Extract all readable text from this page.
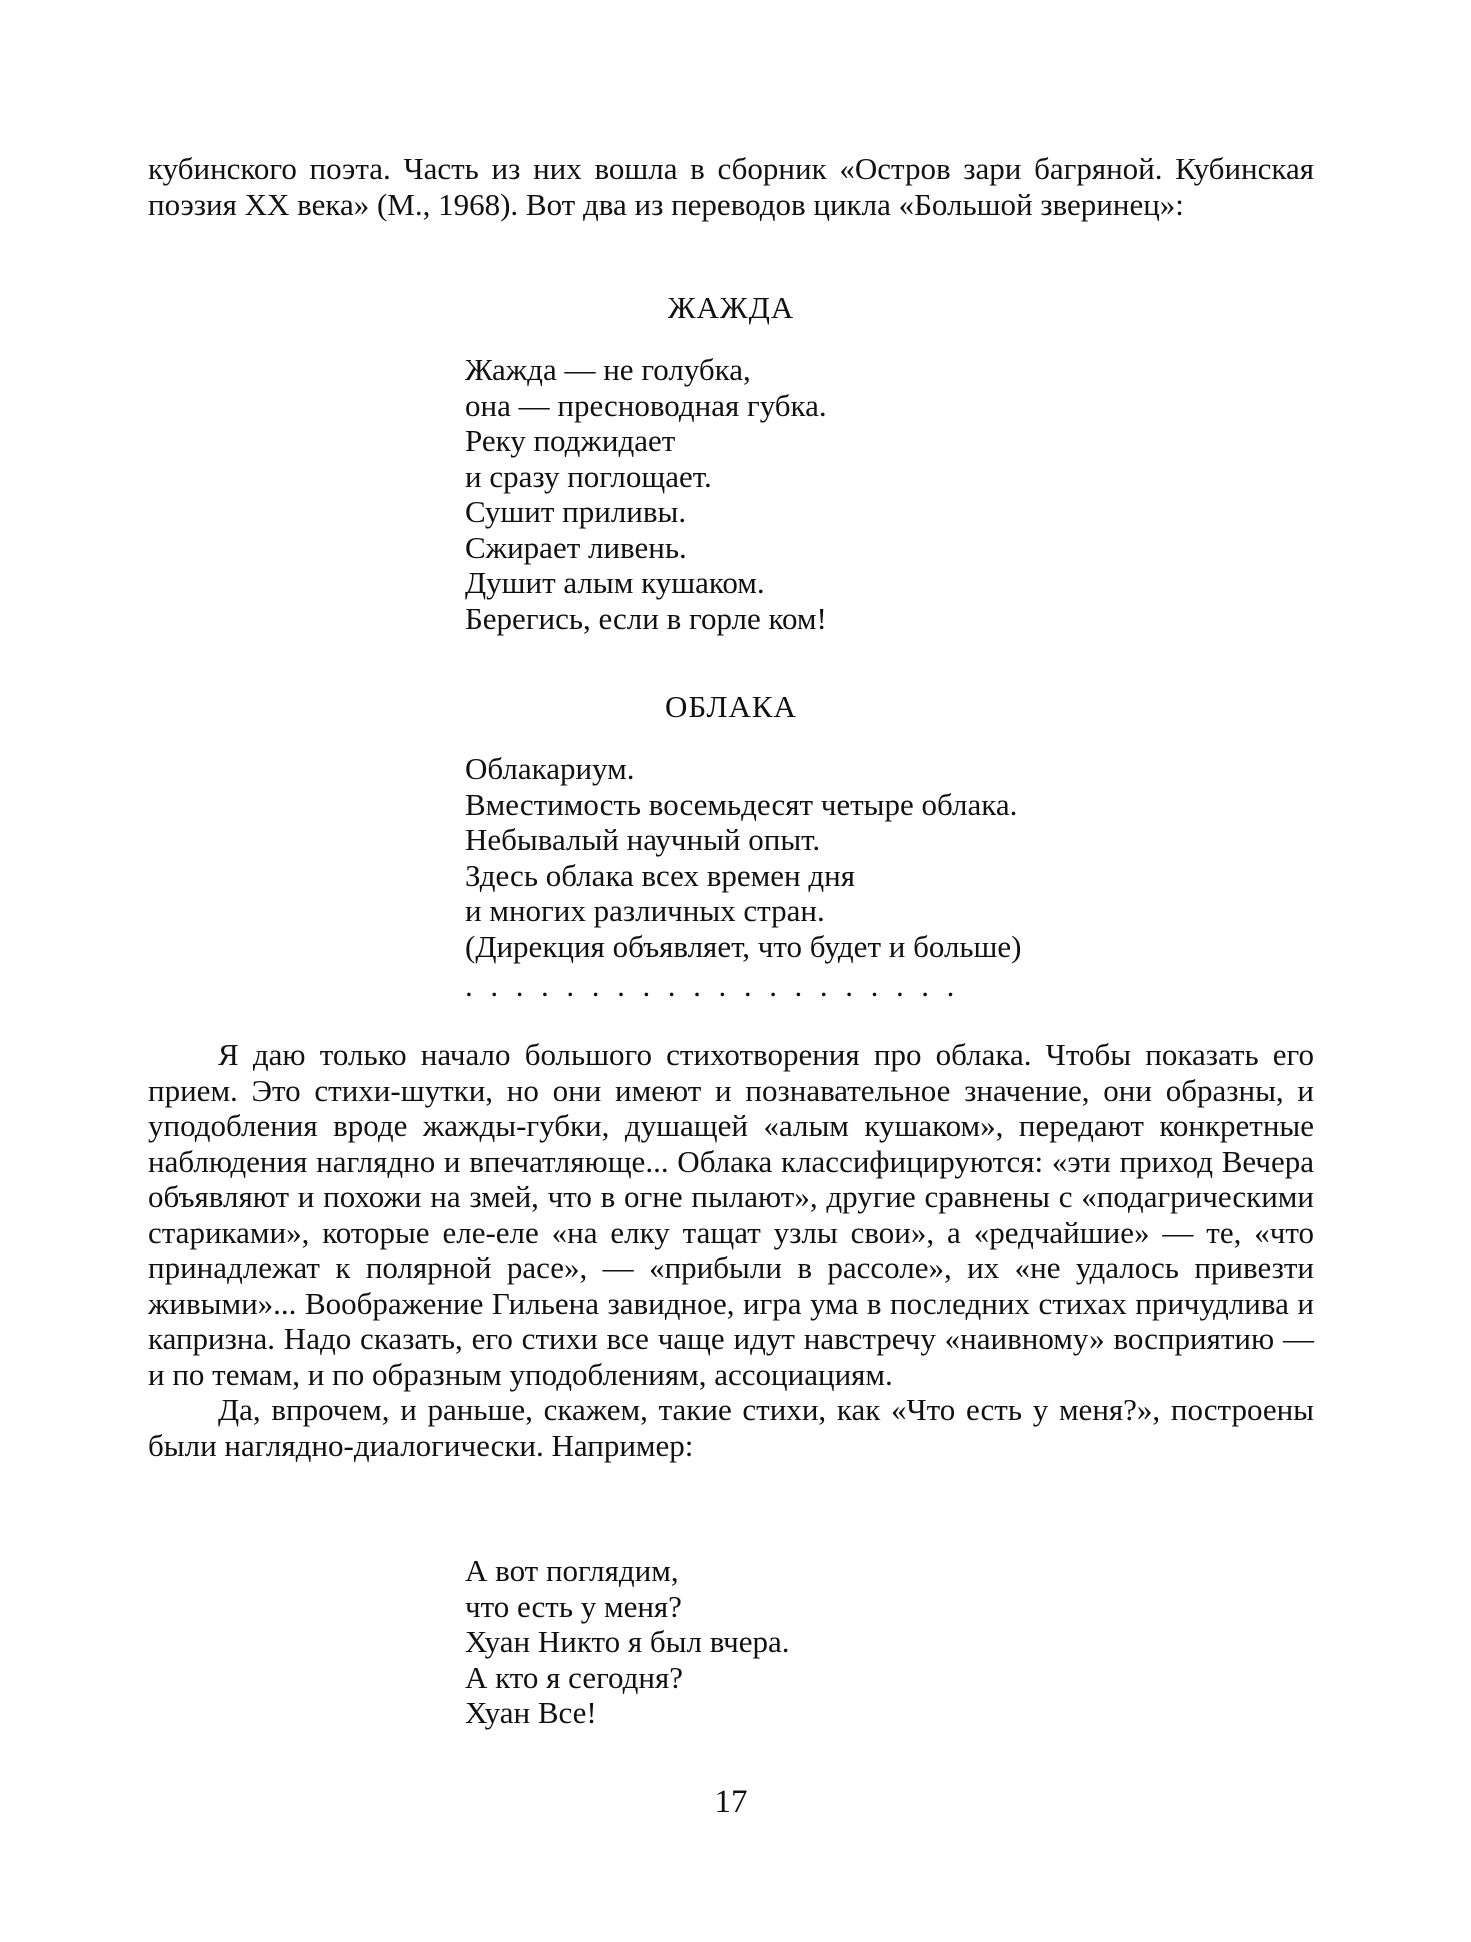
кубинского поэта. Часть из них вошла в сборник «Остров зари багряной. Кубинская поэзия XX века» (М., 1968). Вот два из переводов цикла «Большой зверинец»:

ЖАЖДА
Жажда — не голубка,
она — пресноводная губка.
Реку поджидает
и сразу поглощает.
Сушит приливы.
Сжирает ливень.
Душит алым кушаком.
Берегись, если в горле ком!
ОБЛАКА
Облакариум.
Вместимость восемьдесят четыре облака.
Небывалый научный опыт.
Здесь облака всех времен дня
и многих различных стран.
(Дирекция объявляет, что будет и больше)
....................

Я даю только начало большого стихотворения про облака. Чтобы показать его прием. Это стихи-шутки, но они имеют и познавательное значение, они образны, и уподобления вроде жажды-губки, душащей «алым кушаком», передают конкретные наблюдения наглядно и впечатляюще... Облака классифицируются: «эти приход Вечера объявляют и похожи на змей, что в огне пылают», другие сравнены с «подагрическими стариками», которые еле-еле «на елку тащат узлы свои», а «редчайшие» — те, «что принадлежат к полярной расе», — «прибыли в рассоле», их «не удалось привезти живыми»... Воображение Гильена завидное, игра ума в последних стихах причудлива и капризна. Надо сказать, его стихи все чаще идут навстречу «наивному» восприятию — и по темам, и по образным уподоблениям, ассоциациям.

Да, впрочем, и раньше, скажем, такие стихи, как «Что есть у меня?», построены были наглядно-диалогически. Например:

А вот поглядим,
что есть у меня?
Хуан Никто я был вчера.
А кто я сегодня?
Хуан Все!
17
